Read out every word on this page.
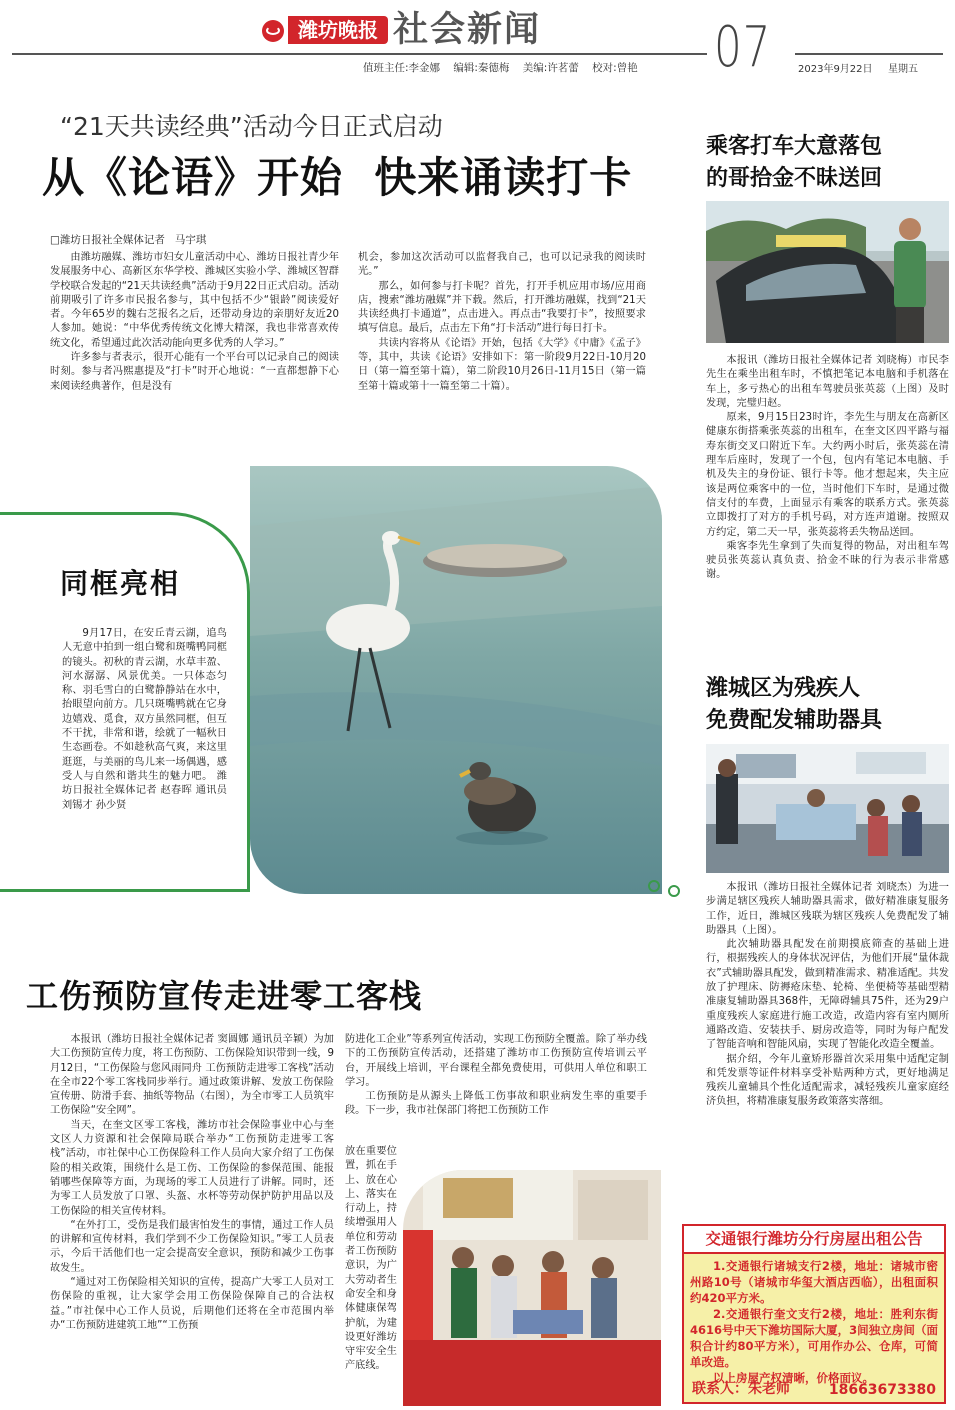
潍坊晚报 社会新闻
值班主任:李金娜    编辑:秦德梅    美编:许茗蕾    校对:曾艳 07	2023年9月22日 星期五
“21天共读经典”活动今日正式启动
从《论语》开始  快来诵读打卡
□潍坊日报社全媒体记者   马宇琪

由潍坊融媒、潍坊市妇女儿童活动中心、潍坊日报社青少年发展服务中心、高新区东华学校、潍城区实验小学、潍城区智群学校联合发起的“21天共读经典”活动于9月22日正式启动。活动前期吸引了许多市民报名参与，其中包括不少“银龄”阅读爱好者。今年65岁的魏右芝报名之后，还带动身边的亲朋好友近20人参加。她说：“中华优秀传统文化博大精深，我也非常喜欢传统文化，希望通过此次活动能向更多优秀的人学习。”

许多参与者表示，很开心能有一个平台可以记录自己的阅读时刻。参与者冯熙惠提及“打卡”时开心地说：“一直都想静下心来阅读经典著作，但是没有

机会，参加这次活动可以监督我自己，也可以记录我的阅读时光。”

那么，如何参与打卡呢？首先，打开手机应用市场/应用商店，搜索“潍坊融媒”并下载。然后，打开潍坊融媒，找到“21天共读经典打卡通道”，点击进入。再点击“我要打卡”，按照要求填写信息。最后，点击左下角“打卡活动”进行每日打卡。

共读内容将从《论语》开始，包括《大学》《中庸》《孟子》等，其中，共读《论语》安排如下：第一阶段9月22日-10月20日（第一篇至第十篇），第二阶段10月26日-11月15日（第一篇至第十篇或第十一篇至第二十篇）。

同框亮相
9月17日，在安丘青云湖，追鸟人无意中拍到一组白鹭和斑嘴鸭同框的镜头。初秋的青云湖，水草丰盈、河水潺潺、风景优美。一只体态匀称、羽毛雪白的白鹭静静站在水中，抬眼望向前方。几只斑嘴鸭就在它身边嬉戏、觅食，双方虽然同框，但互不干扰，非常和谐，绘就了一幅秋日生态画卷。不如趁秋高气爽，来这里逛逛，与美丽的鸟儿来一场偶遇，感受人与自然和谐共生的魅力吧。 潍坊日报社全媒体记者 赵春晖 通讯员 刘锡才 孙少贤
乘客打车大意落包
的哥拾金不昧送回

本报讯（潍坊日报社全媒体记者 刘晓梅）市民李先生在乘坐出租车时，不慎把笔记本电脑和手机落在车上，多亏热心的出租车驾驶员张英蕊（上图）及时发现，完璧归赵。

原来，9月15日23时许，李先生与朋友在高新区健康东街搭乘张英蕊的出租车，在奎文区四平路与福寿东街交叉口附近下车。大约两小时后，张英蕊在清理车后座时，发现了一个包，包内有笔记本电脑、手机及失主的身份证、银行卡等。他才想起来，失主应该是两位乘客中的一位，当时他们下车时，是通过微信支付的车费，上面显示有乘客的联系方式。张英蕊立即拨打了对方的手机号码，对方连声道谢。按照双方约定，第二天一早，张英蕊将丢失物品送回。

乘客李先生拿到了失而复得的物品，对出租车驾驶员张英蕊认真负责、拾金不昧的行为表示非常感谢。

潍城区为残疾人
免费配发辅助器具

本报讯（潍坊日报社全媒体记者 刘晓杰）为进一步满足辖区残疾人辅助器具需求，做好精准康复服务工作，近日，潍城区残联为辖区残疾人免费配发了辅助器具（上图）。

此次辅助器具配发在前期摸底筛查的基础上进行，根据残疾人的身体状况评估，为他们开展“量体裁衣”式辅助器具配发，做到精准需求、精准适配。共发放了护理床、防褥疮床垫、轮椅、坐便椅等基础型精准康复辅助器具368件，无障碍辅具75件，还为29户重度残疾人家庭进行施工改造，改造内容有室内厕所通路改造、安装扶手、厨房改造等，同时为每户配发了智能音响和智能风扇，实现了智能化改造全覆盖。

据介绍，今年儿童矫形器首次采用集中适配定制和凭发票等证件材料享受补贴两种方式，更好地满足残疾儿童辅具个性化适配需求，减轻残疾儿童家庭经济负担，将精准康复服务政策落实落细。

工伤预防宣传走进零工客栈

本报讯（潍坊日报社全媒体记者 窦圆娜 通讯员辛颖）为加大工伤预防宣传力度，将工伤预防、工伤保险知识带到一线，9月12日，“工伤保险与您风雨同舟 工伤预防走进零工客栈”活动在全市22个零工客栈同步举行。通过政策讲解、发放工伤保险宣传册、防滑手套、抽纸等物品（右图），为全市零工人员筑牢工伤保险“安全网”。

当天，在奎文区零工客栈，潍坊市社会保险事业中心与奎文区人力资源和社会保障局联合举办“工伤预防走进零工客栈”活动，市社保中心工伤保险科工作人员向大家介绍了工伤保险的相关政策，围绕什么是工伤、工伤保险的参保范围、能报销哪些保障等方面，为现场的零工人员进行了讲解。同时，还为零工人员发放了口罩、头盔、水杯等劳动保护防护用品以及工伤保险的相关宣传材料。

“在外打工，受伤是我们最害怕发生的事情，通过工作人员的讲解和宣传材料，我们学到不少工伤保险知识。”零工人员表示，今后干活他们也一定会提高安全意识，预防和减少工伤事故发生。

“通过对工伤保险相关知识的宣传，提高广大零工人员对工伤保险的重视，让大家学会用工伤保险保障自己的合法权益。”市社保中心工作人员说，后期他们还将在全市范围内举办“工伤预防进建筑工地”“工伤预

防进化工企业”等系列宣传活动，实现工伤预防全覆盖。除了举办线下的工伤预防宣传活动，还搭建了潍坊市工伤预防宣传培训云平台，开展线上培训，平台课程全都免费使用，可供用人单位和职工学习。

工伤预防是从源头上降低工伤事故和职业病发生率的重要手段。下一步，我市社保部门将把工伤预防工作

放在重要位置，抓在手上、放在心上、落实在行动上，持续增强用人单位和劳动者工伤预防意识，为广大劳动者生命安全和身体健康保驾护航，为建设更好潍坊守牢安全生产底线。
交通银行潍坊分行房屋出租公告
1.交通银行诸城支行2楼，地址：诸城市密州路10号（诸城市华玺大酒店西临），出租面积约420平方米。
2.交通银行奎文支行2楼，地址：胜利东街4616号中天下潍坊国际大厦，3间独立房间（面积合计约80平方米），可用作办公、仓库，可简单改造。
以上房屋产权清晰，价格面议。
联系人：朱老师	18663673380
